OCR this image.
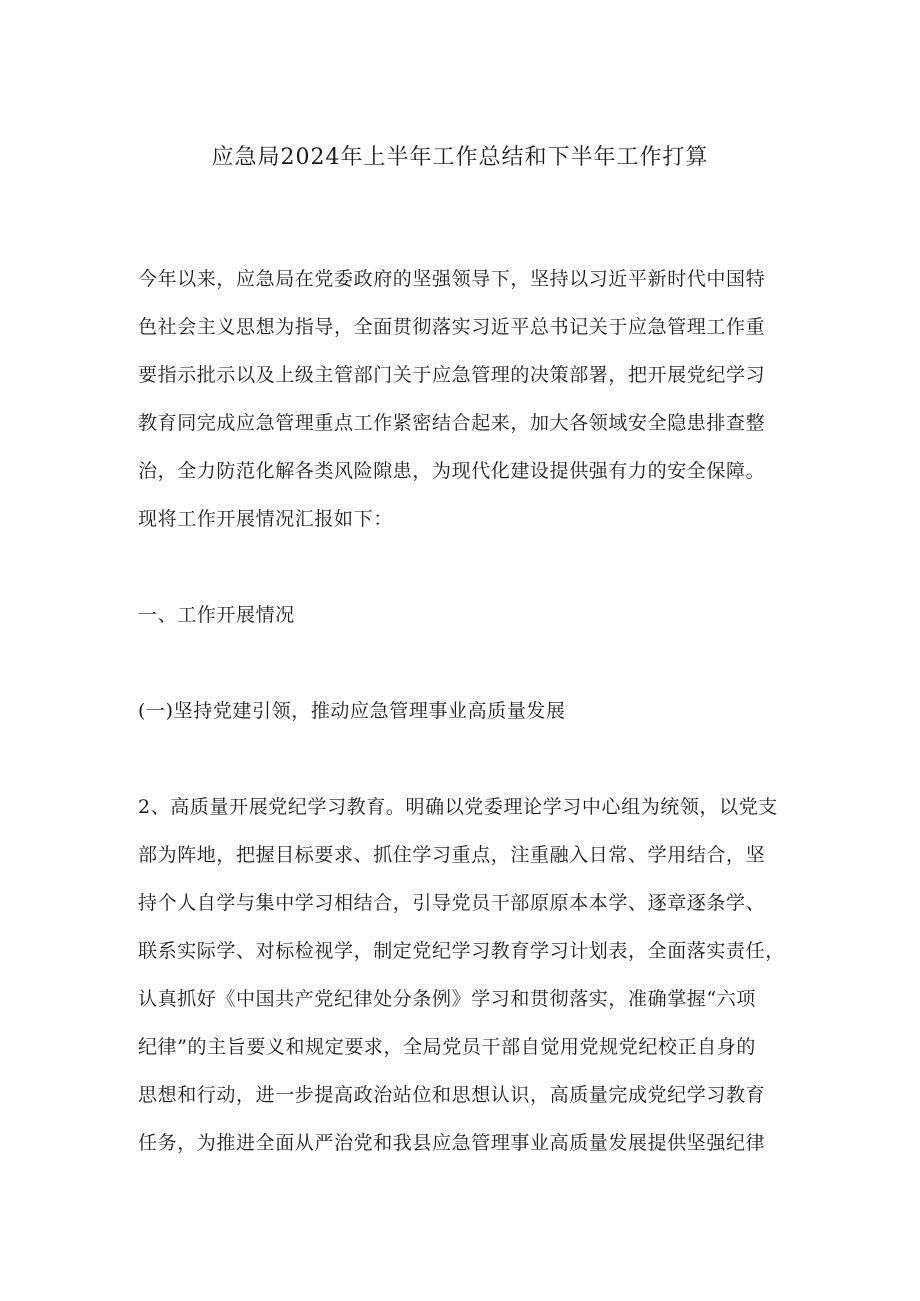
应急局2024年上半年工作总结和下半年工作打算

今年以来，应急局在党委政府的坚强领导下，坚持以习近平新时代中国特

色社会主义思想为指导，全面贯彻落实习近平总书记关于应急管理工作重

要指示批示以及上级主管部门关于应急管理的决策部署，把开展党纪学习

教育同完成应急管理重点工作紧密结合起来，加大各领域安全隐患排查整

治，全力防范化解各类风险隙患，为现代化建设提供强有力的安全保障。

现将工作开展情况汇报如下：

一、工作开展情况

(一)坚持党建引领，推动应急管理事业高质量发展

2、高质量开展党纪学习教育。明确以党委理论学习中心组为统领，以党支

部为阵地，把握目标要求、抓住学习重点，注重融入日常、学用结合，坚

持个人自学与集中学习相结合，引导党员干部原原本本学、逐章逐条学、

联系实际学、对标检视学，制定党纪学习教育学习计划表，全面落实责任，

认真抓好《中国共产党纪律处分条例》学习和贯彻落实，准确掌握“六项

纪律”的主旨要义和规定要求，全局党员干部自觉用党规党纪校正自身的

思想和行动，进一步提高政治站位和思想认识，高质量完成党纪学习教育

任务，为推进全面从严治党和我县应急管理事业高质量发展提供坚强纪律
